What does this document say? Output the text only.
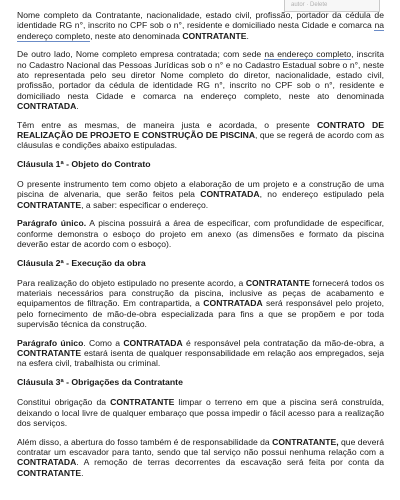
autor · Delete

Nome completo da Contratante, nacionalidade, estado civil, profissão, portador da cédula de identidade RG n°, inscrito no CPF sob o n°, residente e domiciliado nesta Cidade e comarca na endereço completo, neste ato denominada CONTRATANTE.

De outro lado, Nome completo empresa contratada; com sede na endereço completo, inscrita no Cadastro Nacional das Pessoas Jurídicas sob o n° e no Cadastro Estadual sobre o n°, neste ato representada pelo seu diretor Nome completo do diretor, nacionalidade, estado civil, profissão, portador da cédula de identidade RG n°, inscrito no CPF sob o n°, residente e domiciliado nesta Cidade e comarca na endereço completo, neste ato denominada CONTRATADA.

Têm entre as mesmas, de maneira justa e acordada, o presente CONTRATO DE REALIZAÇÃO DE PROJETO E CONSTRUÇÃO DE PISCINA, que se regerá de acordo com as cláusulas e condições abaixo estipuladas.

Cláusula 1ª - Objeto do Contrato

O presente instrumento tem como objeto a elaboração de um projeto e a construção de uma piscina de alvenaria, que serão feitos pela CONTRATADA, no endereço estipulado pela CONTRATANTE, a saber: especificar o endereço.

Parágrafo único. A piscina possuirá a área de especificar, com profundidade de especificar, conforme demonstra o esboço do projeto em anexo (as dimensões e formato da piscina deverão estar de acordo com o esboço).

Cláusula 2ª - Execução da obra

Para realização do objeto estipulado no presente acordo, a CONTRATANTE fornecerá todos os materiais necessários para construção da piscina, inclusive as peças de acabamento e equipamentos de filtração. Em contrapartida, a CONTRATADA será responsável pelo projeto, pelo fornecimento de mão-de-obra especializada para fins a que se propõem e por toda supervisão técnica da construção.

Parágrafo único. Como a CONTRATADA é responsável pela contratação da mão-de-obra, a CONTRATANTE estará isenta de qualquer responsabilidade em relação aos empregados, seja na esfera civil, trabalhista ou criminal.

Cláusula 3ª - Obrigações da Contratante

Constitui obrigação da CONTRATANTE limpar o terreno em que a piscina será construída, deixando o local livre de qualquer embaraço que possa impedir o fácil acesso para a realização dos serviços.

Além disso, a abertura do fosso também é de responsabilidade da CONTRATANTE, que deverá contratar um escavador para tanto, sendo que tal serviço não possui nenhuma relação com a CONTRATADA. A remoção de terras decorrentes da escavação será feita por conta da CONTRATANTE.
